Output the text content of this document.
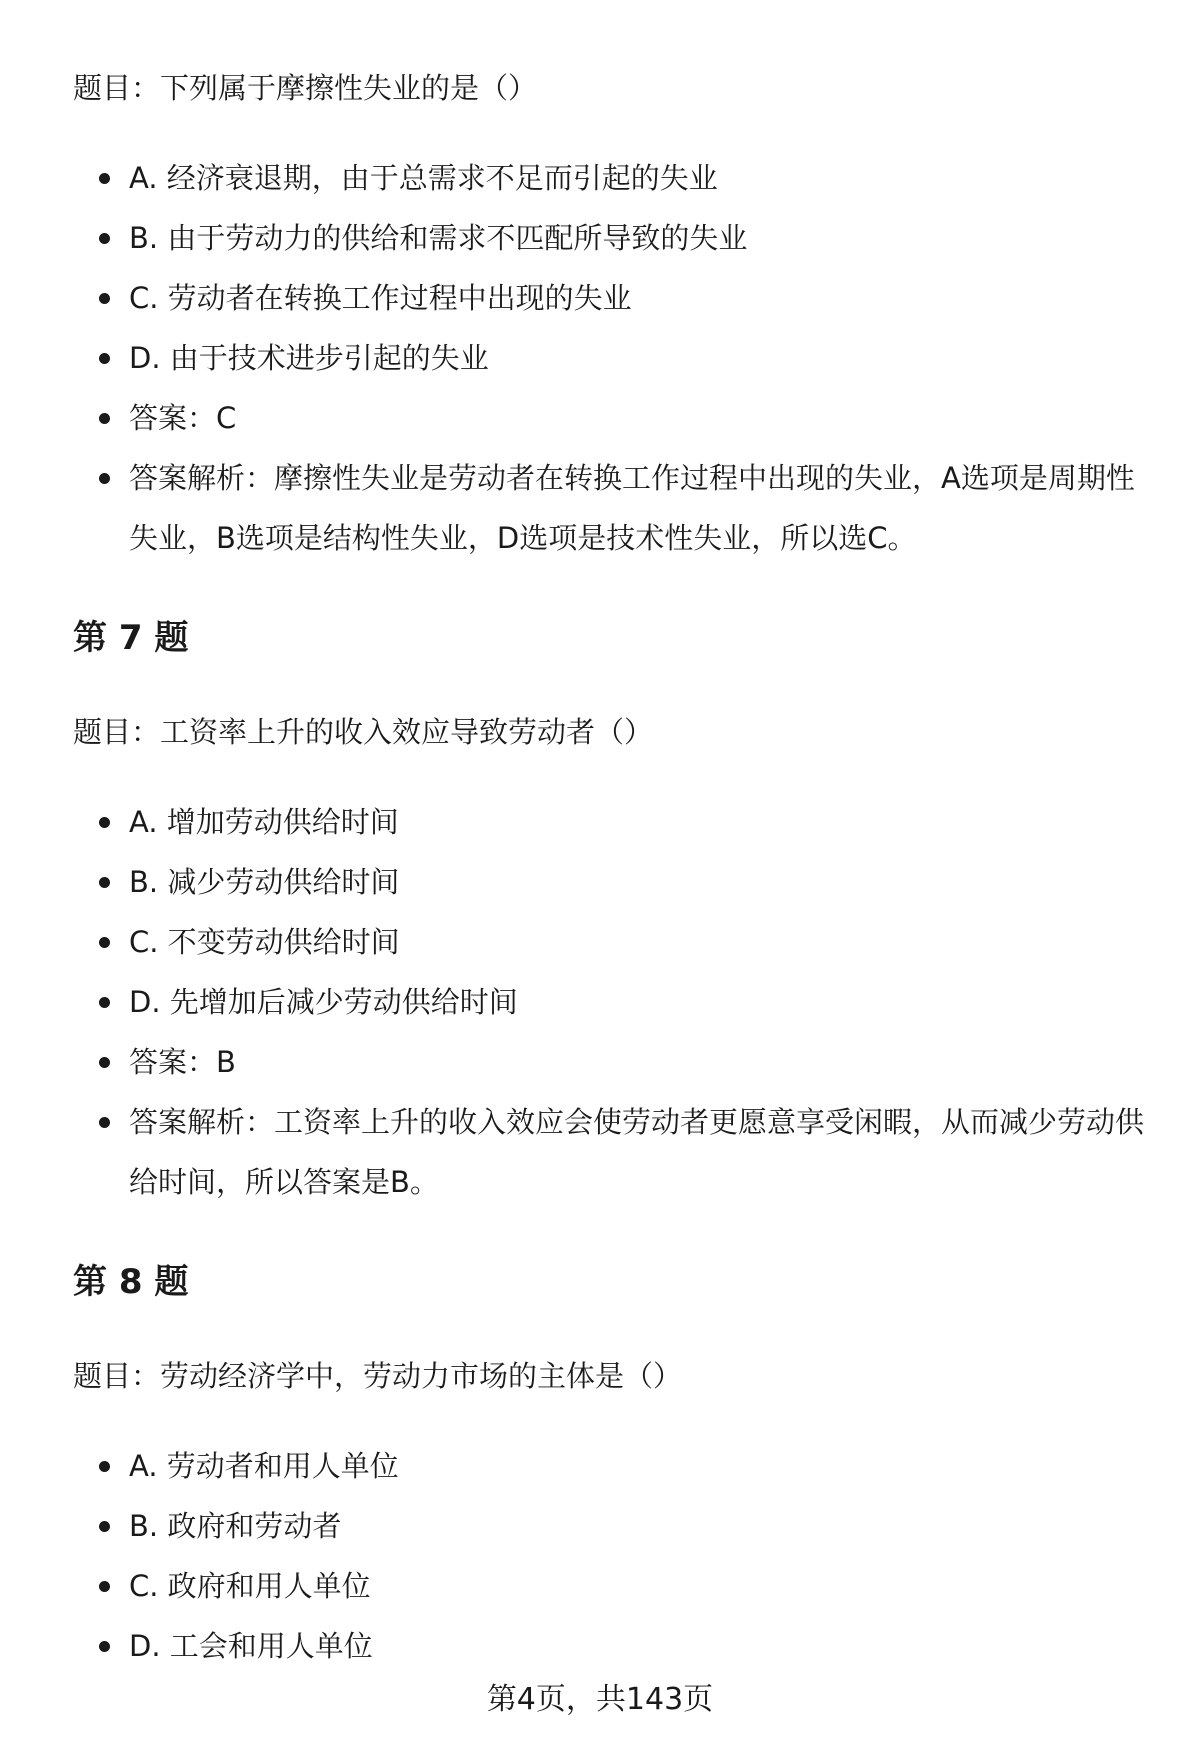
题目：下列属于摩擦性失业的是（）
A. 经济衰退期，由于总需求不足而引起的失业
B. 由于劳动力的供给和需求不匹配所导致的失业
C. 劳动者在转换工作过程中出现的失业
D. 由于技术进步引起的失业
答案：C
答案解析：摩擦性失业是劳动者在转换工作过程中出现的失业，A选项是周期性失业，B选项是结构性失业，D选项是技术性失业，所以选C。
第 7 题
题目：工资率上升的收入效应导致劳动者（）
A. 增加劳动供给时间
B. 减少劳动供给时间
C. 不变劳动供给时间
D. 先增加后减少劳动供给时间
答案：B
答案解析：工资率上升的收入效应会使劳动者更愿意享受闲暇，从而减少劳动供给时间，所以答案是B。
第 8 题
题目：劳动经济学中，劳动力市场的主体是（）
A. 劳动者和用人单位
B. 政府和劳动者
C. 政府和用人单位
D. 工会和用人单位
第4页，共143页
